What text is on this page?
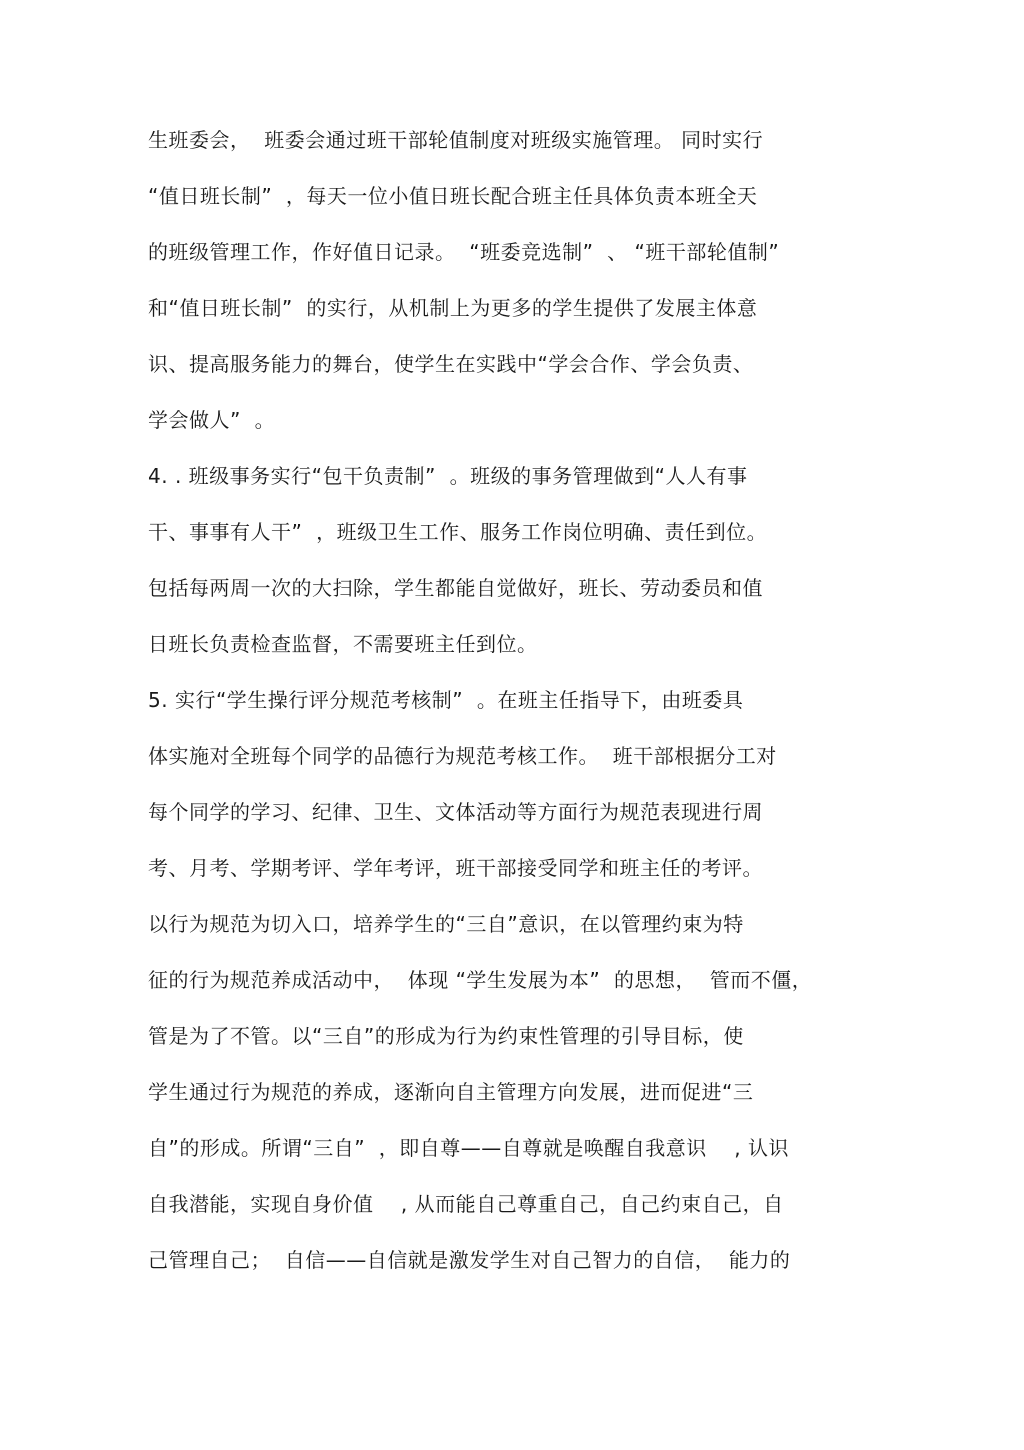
生班委会，  班委会通过班干部轮值制度对班级实施管理。 同时实行
“值日班长制”  ，每天一位小值日班长配合班主任具体负责本班全天
的班级管理工作，作好值日记录。  “班委竞选制”  、 “班干部轮值制”
和“值日班长制”  的实行，从机制上为更多的学生提供了发展主体意
识、提高服务能力的舞台，使学生在实践中“学会合作、学会负责、
学会做人”  。
4. . 班级事务实行“包干负责制”  。班级的事务管理做到“人人有事
干、事事有人干”  ，班级卫生工作、服务工作岗位明确、责任到位。
包括每两周一次的大扫除，学生都能自觉做好，班长、劳动委员和值
日班长负责检查监督，不需要班主任到位。
5. 实行“学生操行评分规范考核制”  。在班主任指导下，由班委具
体实施对全班每个同学的品德行为规范考核工作。  班干部根据分工对
每个同学的学习、纪律、卫生、文体活动等方面行为规范表现进行周
考、月考、学期考评、学年考评，班干部接受同学和班主任的考评。
以行为规范为切入口，培养学生的“三自”意识，在以管理约束为特
征的行为规范养成活动中，  体现 “学生发展为本”  的思想，  管而不僵，
管是为了不管。以“三自”的形成为行为约束性管理的引导目标，使
学生通过行为规范的养成，逐渐向自主管理方向发展，进而促进“三
自”的形成。所谓“三自”  ，即自尊——自尊就是唤醒自我意识    , 认识
自我潜能，实现自身价值    , 从而能自己尊重自己，自己约束自己，自
己管理自己；  自信——自信就是激发学生对自己智力的自信，  能力的
